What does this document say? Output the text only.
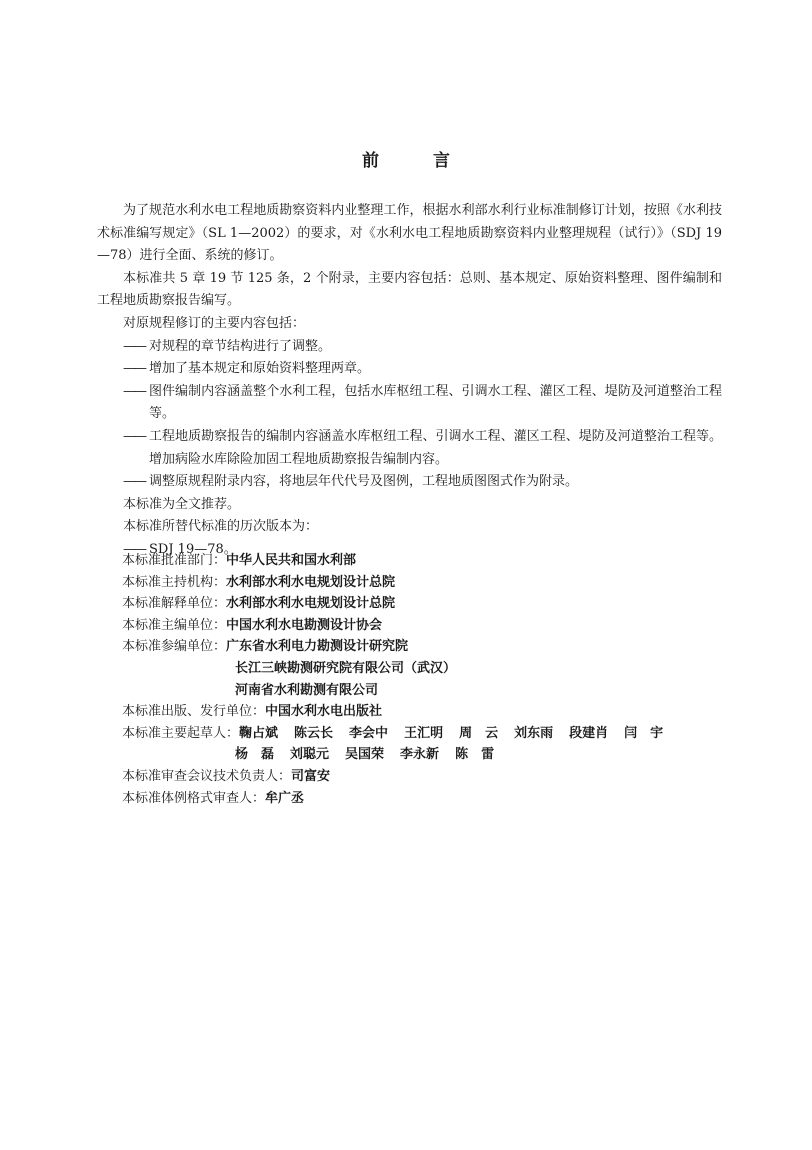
前 言

为了规范水利水电工程地质勘察资料内业整理工作，根据水利部水利行业标准制修订计划，按照《水利技术标准编写规定》（SL 1—2002）的要求，对《水利水电工程地质勘察资料内业整理规程（试行）》（SDJ 19—78）进行全面、系统的修订。

本标准共 5 章 19 节 125 条，2 个附录，主要内容包括：总则、基本规定、原始资料整理、图件编制和工程地质勘察报告编写。

对原规程修订的主要内容包括：

—— 对规程的章节结构进行了调整。

—— 增加了基本规定和原始资料整理两章。

—— 图件编制内容涵盖整个水利工程，包括水库枢纽工程、引调水工程、灌区工程、堤防及河道整治工程等。

—— 工程地质勘察报告的编制内容涵盖水库枢纽工程、引调水工程、灌区工程、堤防及河道整治工程等。增加病险水库除险加固工程地质勘察报告编制内容。

—— 调整原规程附录内容，将地层年代代号及图例，工程地质图图式作为附录。

本标准为全文推荐。

本标准所替代标准的历次版本为：

—— SDJ 19—78。

本标准批准部门： 中华人民共和国水利部
本标准主持机构： 水利部水利水电规划设计总院
本标准解释单位： 水利部水利水电规划设计总院
本标准主编单位： 中国水利水电勘测设计协会
本标准参编单位： 广东省水利电力勘测设计研究院
长江三峡勘测研究院有限公司（武汉）
河南省水利勘测有限公司
本标准出版、发行单位： 中国水利水电出版社
本标准主要起草人： 鞠占斌 陈云长 李会中 王汇明 周　云 刘东雨 段建肖 闫　宇
杨　磊 刘聪元 吴国荣 李永新 陈　雷
本标准审查会议技术负责人： 司富安
本标准体例格式审查人： 牟广丞
